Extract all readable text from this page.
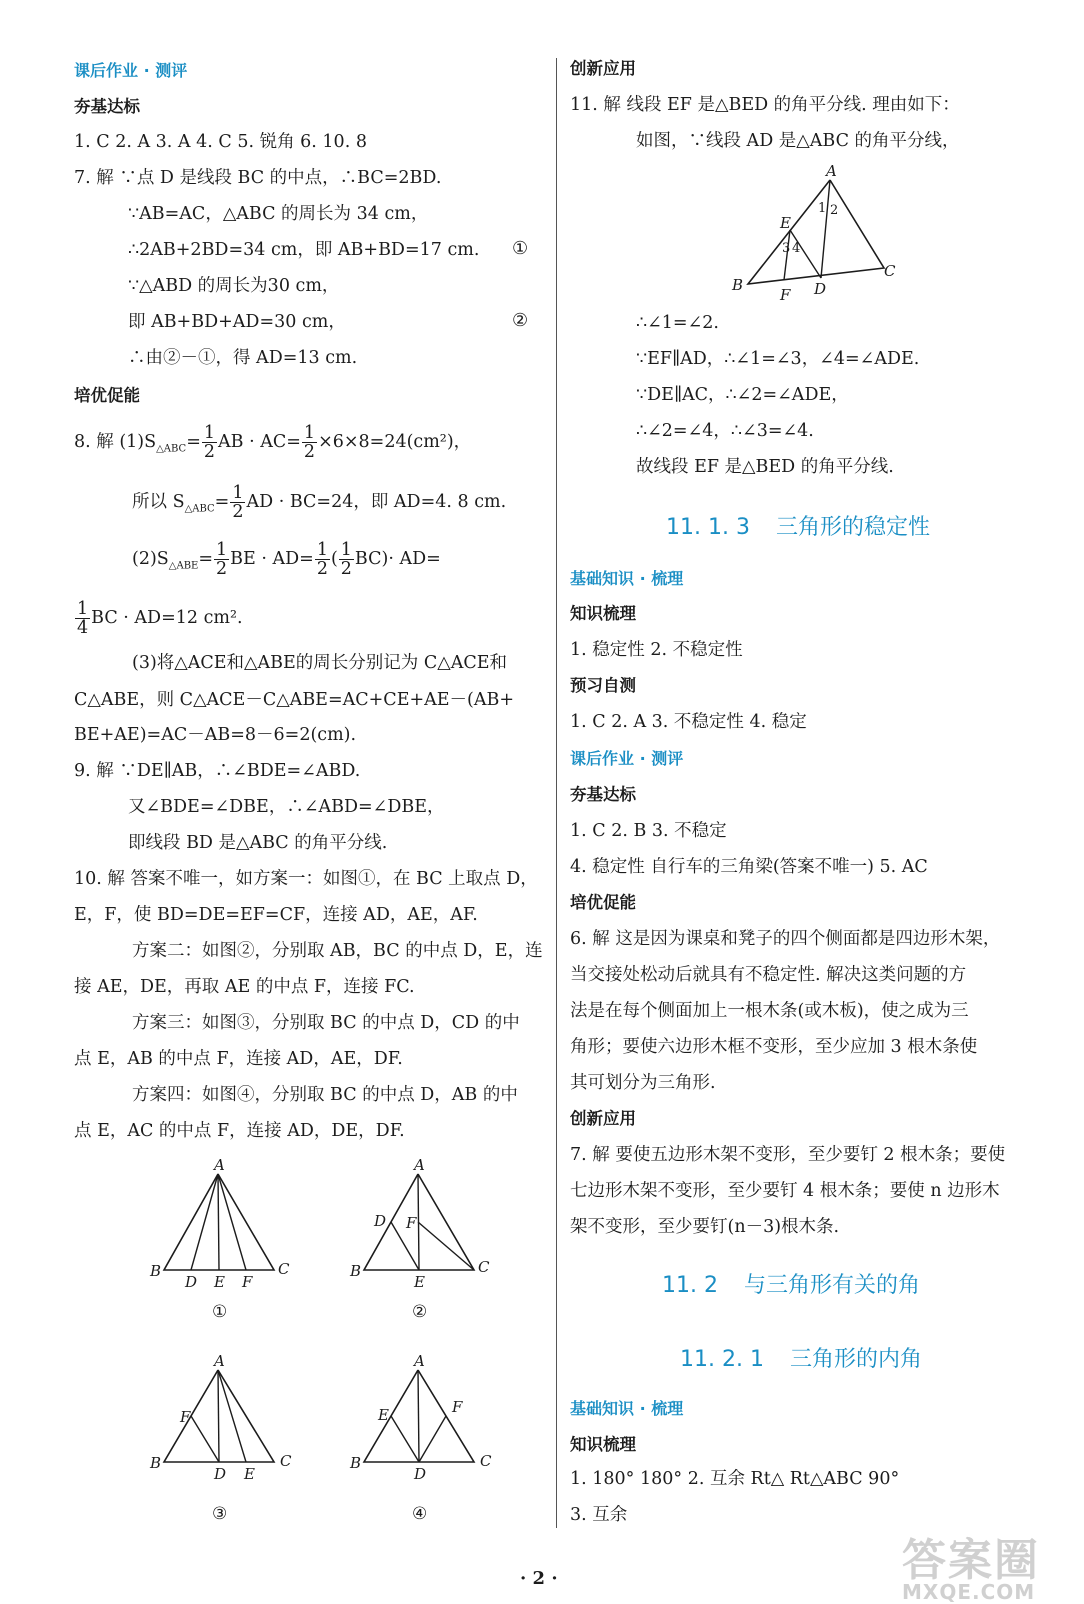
课后作业 · 测评
夯基达标
1. C 2. A 3. A 4. C 5. 锐角 6. 10. 8
7. 解 ∵点 D 是线段 BC 的中点，∴BC=2BD.
∵AB=AC，△ABC 的周长为 34 cm，
∴2AB+2BD=34 cm，即 AB+BD=17 cm. ①
∵△ABD 的周长为30 cm，
即 AB+BD+AD=30 cm，	②
∴由②－①，得 AD=13 cm.
培优促能
8. 解 $(1)S_{\triangle ABC}= \frac{1}{2}$ AB · $AC= \frac{1}{2} \times 6\times 8=24(cm^2)$，
所以 $S_{\triangle ABC}= \frac{1}{2}$ AD · BC=24，即 AD=4. 8 cm.
$(2)S_{\triangle ABE}= \frac{1}{2}$ BE · $AD= \frac{1}{2}$ ( $\frac{1}{2} BC)\cdot AD=$
$\frac{1}{4}$ BC · AD=12 cm².
(3)将△ACE和△ABE的周长分别记为 C△ACE和
C△ABE，则 C△ACE－C△ABE=AC+CE+AE－(AB+
BE+AE)=AC－AB=8－6=2(cm).
9. 解 ∵DE∥AB，∴∠BDE=∠ABD.
又∠BDE=∠DBE，∴∠ABD=∠DBE，
即线段 BD 是△ABC 的角平分线.
10. 解 答案不唯一，如方案一：如图①，在 BC 上取点 D，
E，F，使 BD=DE=EF=CF，连接 AD，AE，AF.
方案二：如图②，分别取 AB，BC 的中点 D，E，连
接 AE，DE，再取 AE 的中点 F，连接 FC.
方案三：如图③，分别取 BC 的中点 D，CD 的中
点 E，AB 的中点 F，连接 AD，AE，DF.
方案四：如图④，分别取 BC 的中点 D，AB 的中
点 E，AC 的中点 F，连接 AD，DE，DF.
A
B	C
D E F
①
A
B	C
D F
E
②
A
B	C
F
D E
③
A
B	C
E	F
D
④
创新应用
11. 解 线段 EF 是△BED 的角平分线. 理由如下：
如图，∵线段 AD 是△ABC 的角平分线，
∴∠1=∠2.
∵EF∥AD，∴∠1=∠3，∠4=∠ADE.
∵DE∥AC，∴∠2=∠ADE，
∴∠2=∠4，∴∠3=∠4.
故线段 EF 是△BED 的角平分线.
11. 1. 3 三角形的稳定性
基础知识 · 梳理
知识梳理
1. 稳定性 2. 不稳定性
预习自测
1. C 2. A 3. 不稳定性 4. 稳定
课后作业 · 测评
夯基达标
1. C 2. B 3. 不稳定
4. 稳定性 自行车的三角梁(答案不唯一) 5. AC
培优促能
6. 解 这是因为课桌和凳子的四个侧面都是四边形木架，
当交接处松动后就具有不稳定性. 解决这类问题的方
法是在每个侧面加上一根木条(或木板)，使之成为三
角形；要使六边形木框不变形，至少应加 3 根木条使
其可划分为三角形.
创新应用
7. 解 要使五边形木架不变形，至少要钉 2 根木条；要使
七边形木架不变形，至少要钉 4 根木条；要使 n 边形木
架不变形，至少要钉(n－3)根木条.
11. 2 与三角形有关的角
11. 2. 1 三角形的内角
基础知识 · 梳理
知识梳理
1. 180° 180° 2. 互余 Rt△ Rt△ABC 90°
3. 互余
A
B
C
E
F D
1 2
3 4
· 2 ·	答案圈
MXQE.COM
